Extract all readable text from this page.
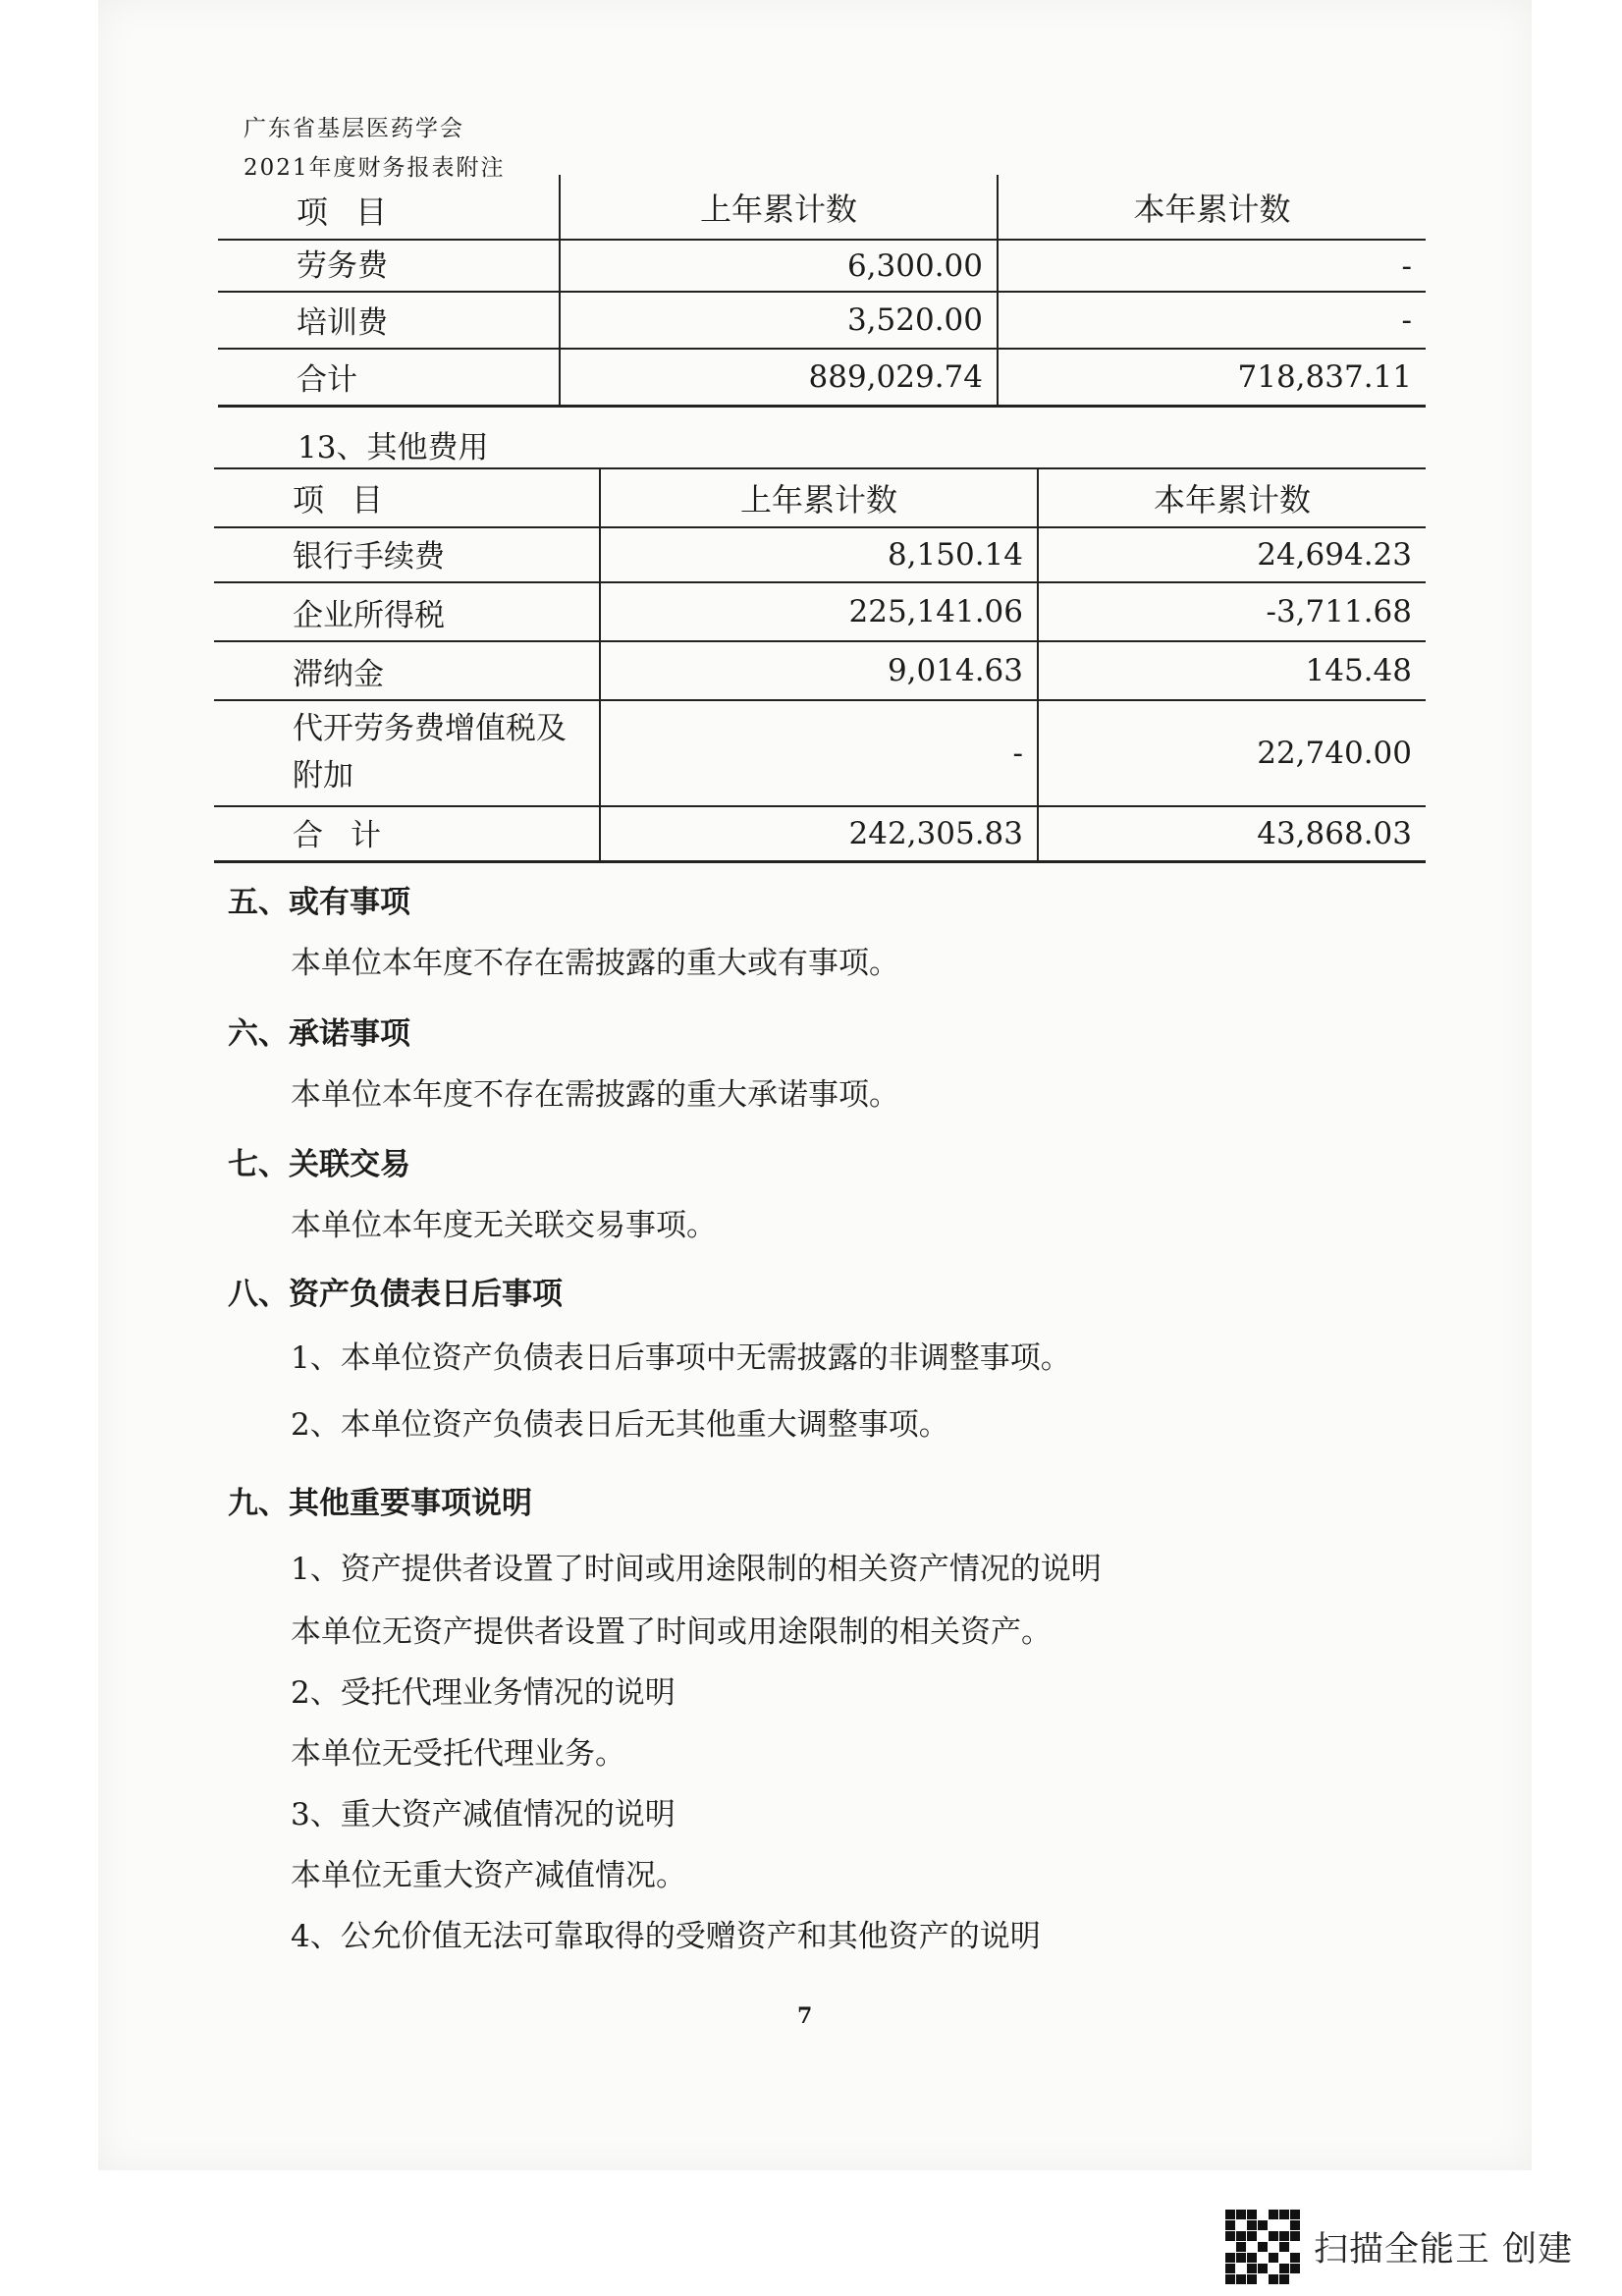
广东省基层医药学会
2021年度财务报表附注
项目	上年累计数	本年累计数
劳务费	6,300.00	-
培训费	3,520.00	-
合计	889,029.74	718,837.11
13、其他费用
项目	上年累计数	本年累计数
银行手续费	8,150.14	24,694.23
企业所得税	225,141.06	-3,711.68
滞纳金	9,014.63	145.48

代开劳务费增值税及附加	-	22,740.00
合计	242,305.83	43,868.03
五、或有事项
本单位本年度不存在需披露的重大或有事项。
六、承诺事项
本单位本年度不存在需披露的重大承诺事项。
七、关联交易
本单位本年度无关联交易事项。
八、资产负债表日后事项
1、本单位资产负债表日后事项中无需披露的非调整事项。
2、本单位资产负债表日后无其他重大调整事项。
九、其他重要事项说明
1、资产提供者设置了时间或用途限制的相关资产情况的说明
本单位无资产提供者设置了时间或用途限制的相关资产。
2、受托代理业务情况的说明
本单位无受托代理业务。
3、重大资产减值情况的说明
本单位无重大资产减值情况。
4、公允价值无法可靠取得的受赠资产和其他资产的说明
7
扫描全能王 创建
